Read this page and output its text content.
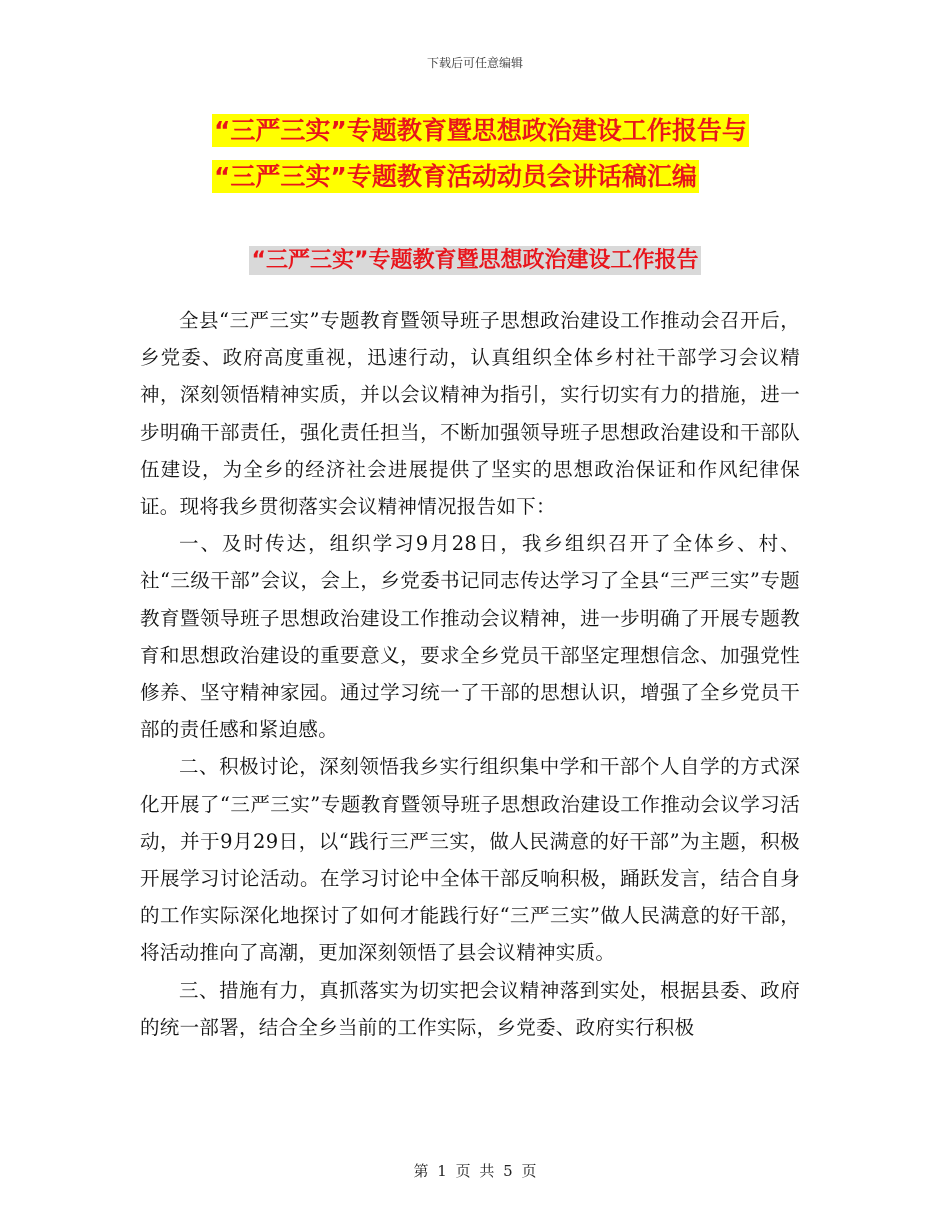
下载后可任意编辑
“三严三实”专题教育暨思想政治建设工作报告与
“三严三实”专题教育活动动员会讲话稿汇编
“三严三实”专题教育暨思想政治建设工作报告

全县“三严三实”专题教育暨领导班子思想政治建设工作推动会召开后，乡党委、政府高度重视，迅速行动，认真组织全体乡村社干部学习会议精神，深刻领悟精神实质，并以会议精神为指引，实行切实有力的措施，进一步明确干部责任，强化责任担当，不断加强领导班子思想政治建设和干部队伍建设，为全乡的经济社会进展提供了坚实的思想政治保证和作风纪律保证。现将我乡贯彻落实会议精神情况报告如下：

一、及时传达，组织学习9月28日，我乡组织召开了全体乡、村、社“三级干部”会议，会上，乡党委书记同志传达学习了全县“三严三实”专题教育暨领导班子思想政治建设工作推动会议精神，进一步明确了开展专题教育和思想政治建设的重要意义，要求全乡党员干部坚定理想信念、加强党性修养、坚守精神家园。通过学习统一了干部的思想认识，增强了全乡党员干部的责任感和紧迫感。

二、积极讨论，深刻领悟我乡实行组织集中学和干部个人自学的方式深化开展了“三严三实”专题教育暨领导班子思想政治建设工作推动会议学习活动，并于9月29日，以“践行三严三实，做人民满意的好干部”为主题，积极开展学习讨论活动。在学习讨论中全体干部反响积极，踊跃发言，结合自身的工作实际深化地探讨了如何才能践行好“三严三实”做人民满意的好干部，将活动推向了高潮，更加深刻领悟了县会议精神实质。

三、措施有力，真抓落实为切实把会议精神落到实处，根据县委、政府的统一部署，结合全乡当前的工作实际，乡党委、政府实行积极

第 1 页 共 5 页
